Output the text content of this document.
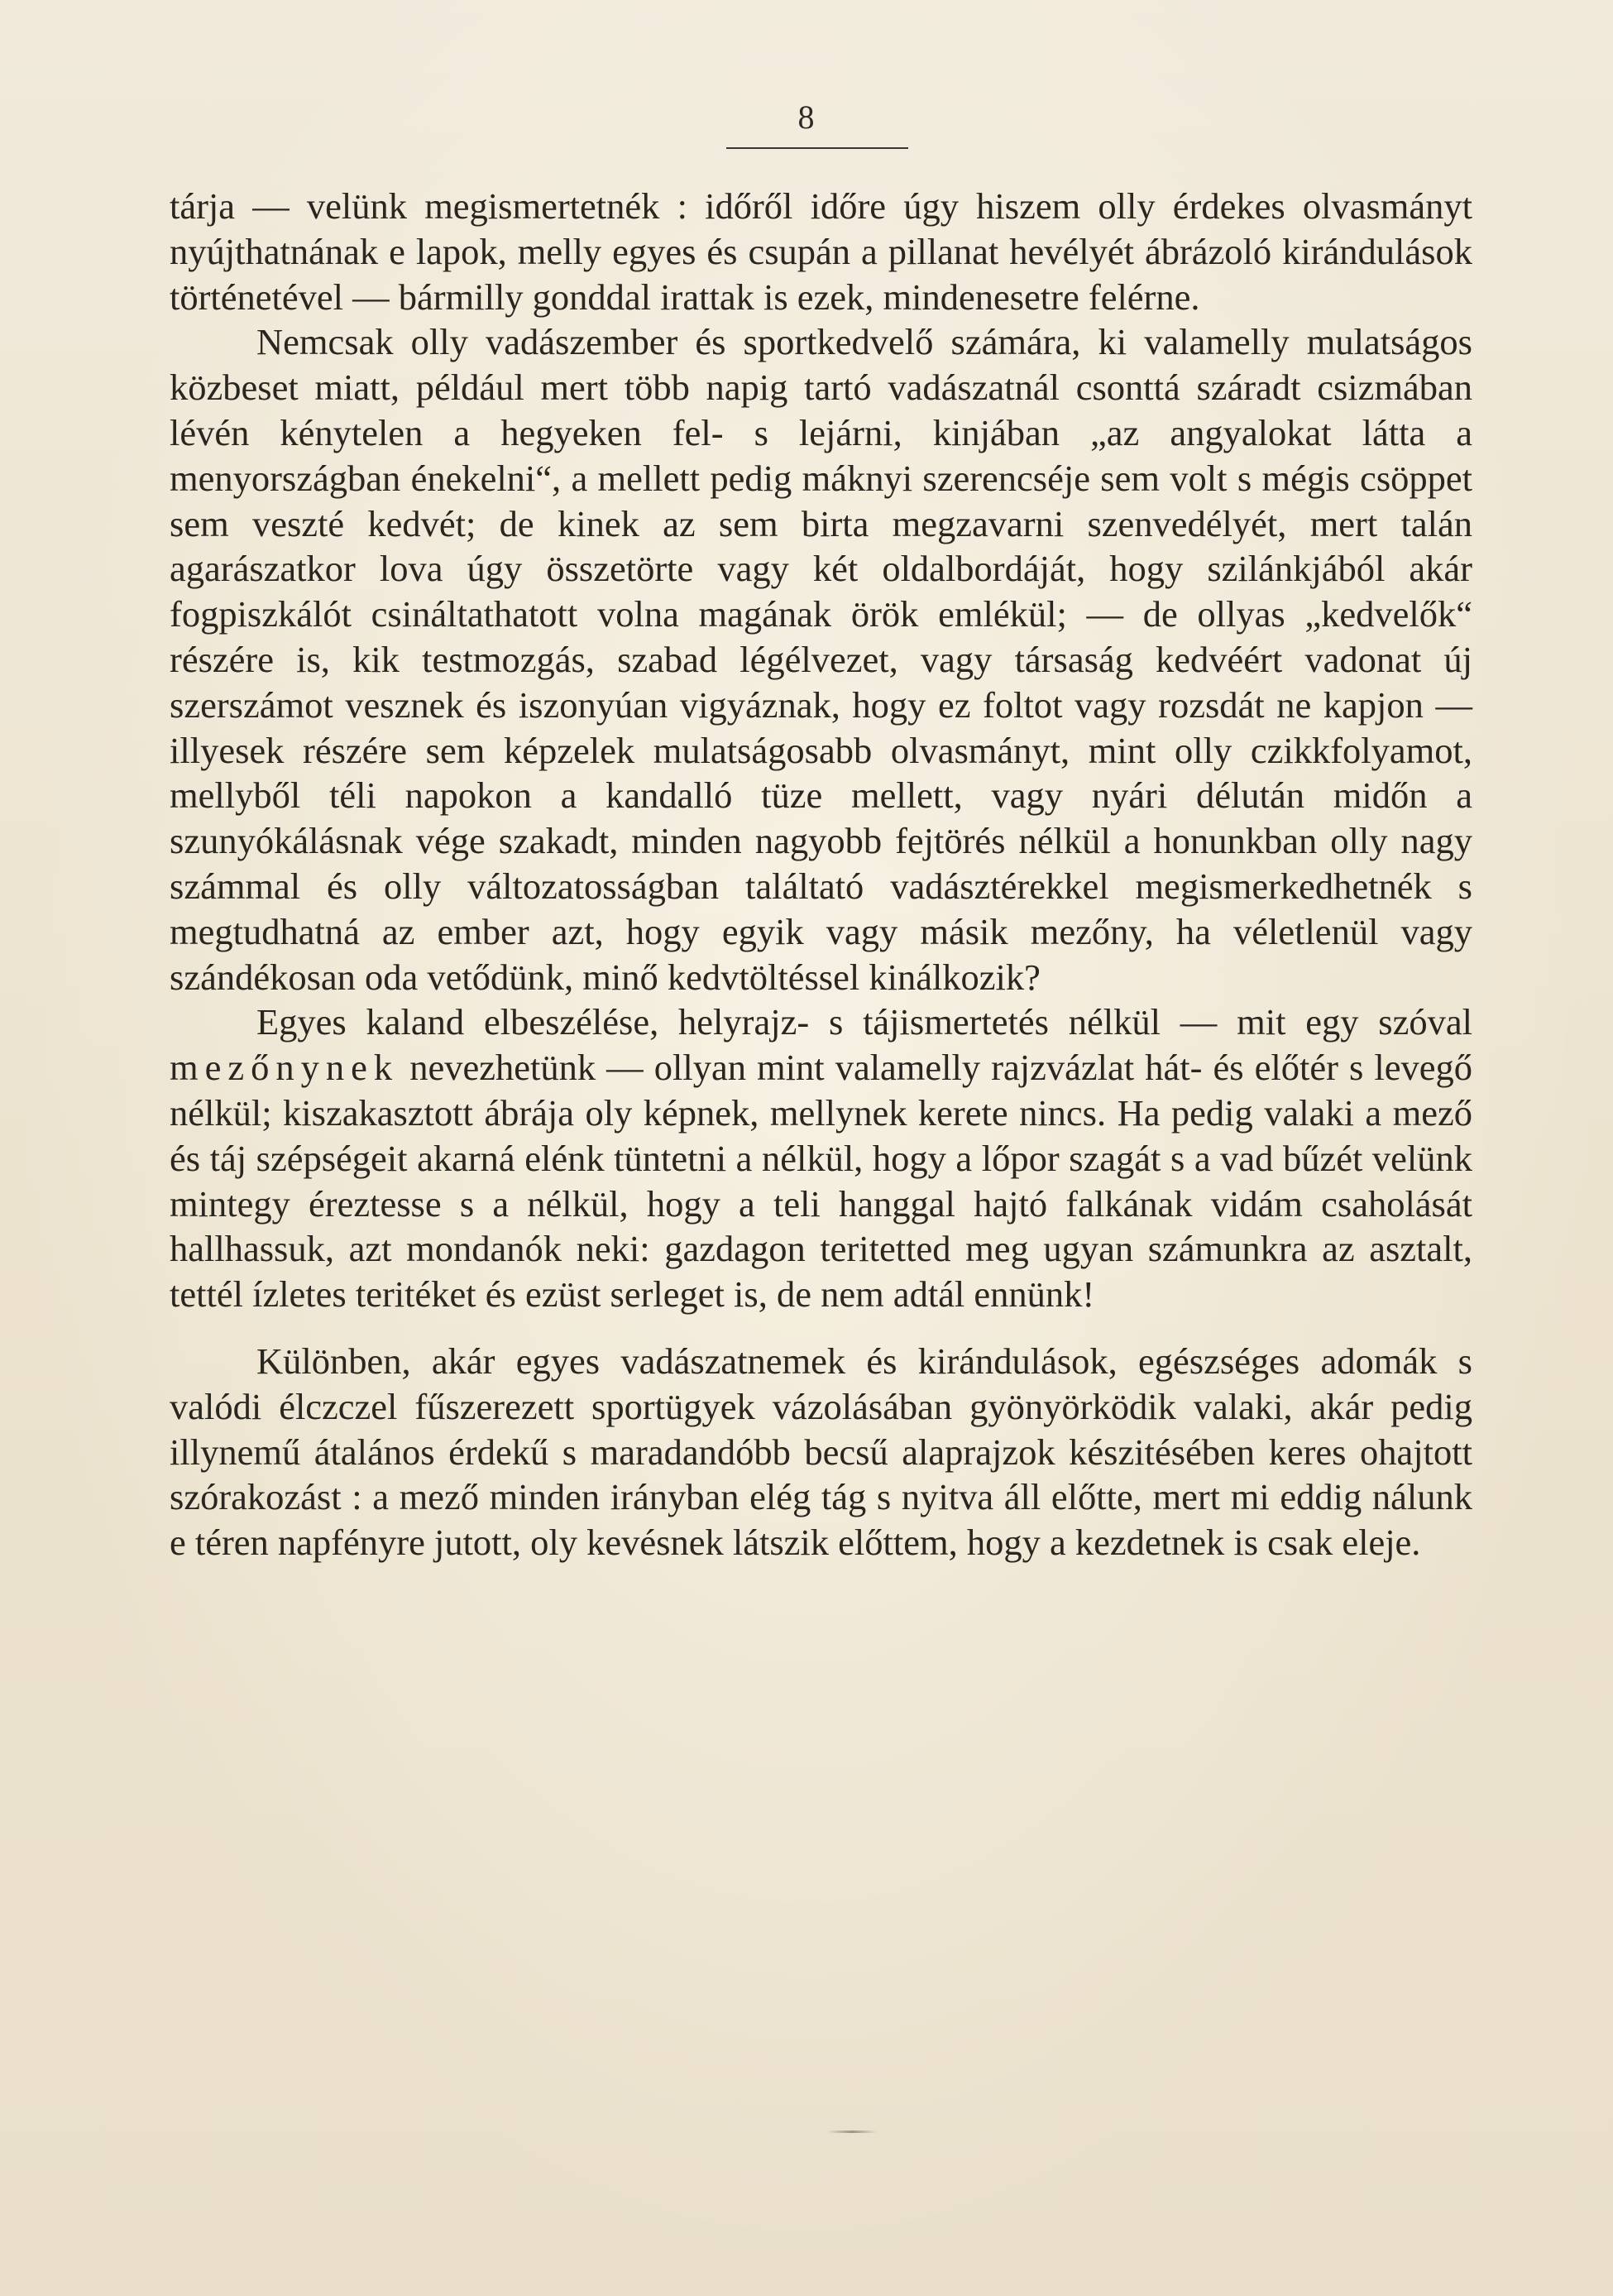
8

tárja — velünk megismertetnék : időről időre úgy hiszem olly érdekes olvasmányt nyújthatnának e lapok, melly egyes és csupán a pillanat hevélyét ábrázoló kirándulások történetével — bármilly gonddal irattak is ezek, mindenesetre felérne.

Nemcsak olly vadászember és sportkedvelő számára, ki valamelly mulatságos közbeset miatt, például mert több napig tartó vadászatnál csonttá száradt csizmában lévén kénytelen a hegyeken fel- s lejárni, kinjában „az angyalokat látta a menyországban énekelni“, a mellett pedig máknyi szerencséje sem volt s mégis csöppet sem veszté kedvét; de kinek az sem birta megzavarni szenvedélyét, mert talán agarászatkor lova úgy összetörte vagy két oldalbordáját, hogy szilánkjából akár fogpiszkálót csináltathatott volna magának örök emlékül; — de ollyas „kedvelők“ részére is, kik testmozgás, szabad légélvezet, vagy társaság kedvéért vadonat új szerszámot vesznek és iszonyúan vigyáznak, hogy ez foltot vagy rozsdát ne kapjon — illyesek részére sem képzelek mulatságosabb olvasmányt, mint olly czikkfolyamot, mellyből téli napokon a kandalló tüze mellett, vagy nyári délután midőn a szunyókálásnak vége szakadt, minden nagyobb fejtörés nélkül a honunkban olly nagy számmal és olly változatosságban találtató vadásztérekkel megismerkedhetnék s megtudhatná az ember azt, hogy egyik vagy másik mezőny, ha véletlenül vagy szándékosan oda vetődünk, minő kedvtöltéssel kinálkozik?

Egyes kaland elbeszélése, helyrajz- s tájismertetés nélkül — mit egy szóval mezőnynek nevezhetünk — ollyan mint valamelly rajzvázlat hát- és előtér s levegő nélkül; kiszakasztott ábrája oly képnek, mellynek kerete nincs. Ha pedig valaki a mező és táj szépségeit akarná elénk tüntetni a nélkül, hogy a lőpor szagát s a vad bűzét velünk mintegy éreztesse s a nélkül, hogy a teli hanggal hajtó falkának vidám csaholását hallhassuk, azt mondanók neki: gazdagon teritetted meg ugyan számunkra az asztalt, tettél ízletes teritéket és ezüst serleget is, de nem adtál ennünk!

Különben, akár egyes vadászatnemek és kirándulások, egészséges adomák s valódi élczczel fűszerezett sportügyek vázolásában gyönyörködik valaki, akár pedig illynemű átalános érdekű s maradandóbb becsű alaprajzok készitésében keres ohajtott szórakozást : a mező minden irányban elég tág s nyitva áll előtte, mert mi eddig nálunk e téren napfényre jutott, oly kevésnek látszik előttem, hogy a kezdetnek is csak eleje.
